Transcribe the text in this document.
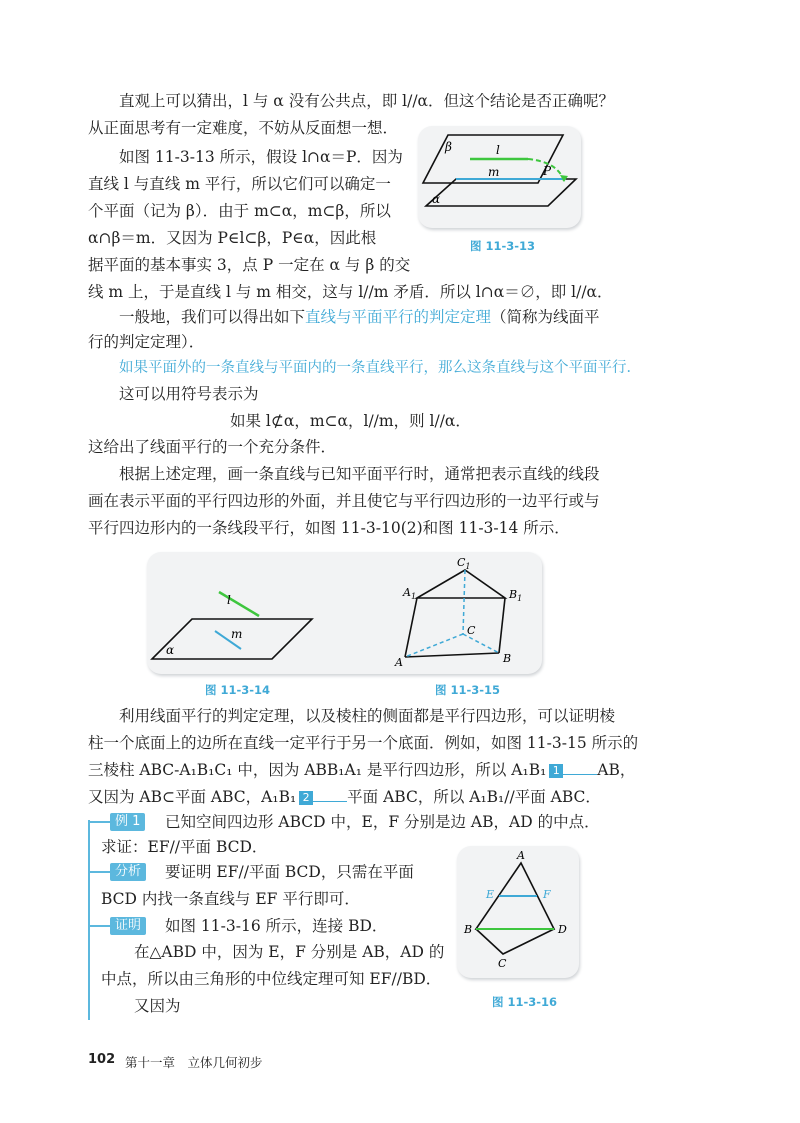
直观上可以猜出，l 与 α 没有公共点，即 l//α．但这个结论是否正确呢？
从正面思考有一定难度，不妨从反面想一想．
如图 11-3-13 所示，假设 l∩α＝P．因为
直线 l 与直线 m 平行，所以它们可以确定一
个平面（记为 β）．由于 m⊂α，m⊂β，所以
α∩β＝m．又因为 P∈l⊂β，P∈α，因此根
据平面的基本事实 3，点 P 一定在 α 与 β 的交
线 m 上，于是直线 l 与 m 相交，这与 l//m 矛盾．所以 l∩α＝∅，即 l//α．
一般地，我们可以得出如下直线与平面平行的判定定理（简称为线面平
行的判定定理）．
如果平面外的一条直线与平面内的一条直线平行，那么这条直线与这个平面平行．
这可以用符号表示为
如果 l⊄α，m⊂α，l//m，则 l//α．
这给出了线面平行的一个充分条件．
根据上述定理，画一条直线与已知平面平行时，通常把表示直线的线段
画在表示平面的平行四边形的外面，并且使它与平行四边形的一边平行或与
平行四边形内的一条线段平行，如图 11-3-10(2)和图 11-3-14 所示．
利用线面平行的判定定理，以及棱柱的侧面都是平行四边形，可以证明棱
柱一个底面上的边所在直线一定平行于另一个底面．例如，如图 11-3-15 所示的
三棱柱 ABC-A₁B₁C₁ 中，因为 ABB₁A₁ 是平行四边形，所以 A₁B₁ 1 AB，
又因为 AB⊂平面 ABC，A₁B₁ 2 平面 ABC，所以 A₁B₁//平面 ABC．
例 1	已知空间四边形 ABCD 中，E，F 分别是边 AB，AD 的中点．
求证：EF//平面 BCD．
分析	要证明 EF//平面 BCD，只需在平面
BCD 内找一条直线与 EF 平行即可．
证明	如图 11-3-16 所示，连接 BD．
在△ABD 中，因为 E，F 分别是 AB，AD 的
中点，所以由三角形的中位线定理可知 EF//BD．
又因为
β
α
l
m	P
图 11-3-13
l
m
α
$C_1$
$A_1$	$B_1$
C
A	B
图 11-3-14	图 11-3-15
A
B
C
D
E	F
图 11-3-16
102 第十一章　立体几何初步
